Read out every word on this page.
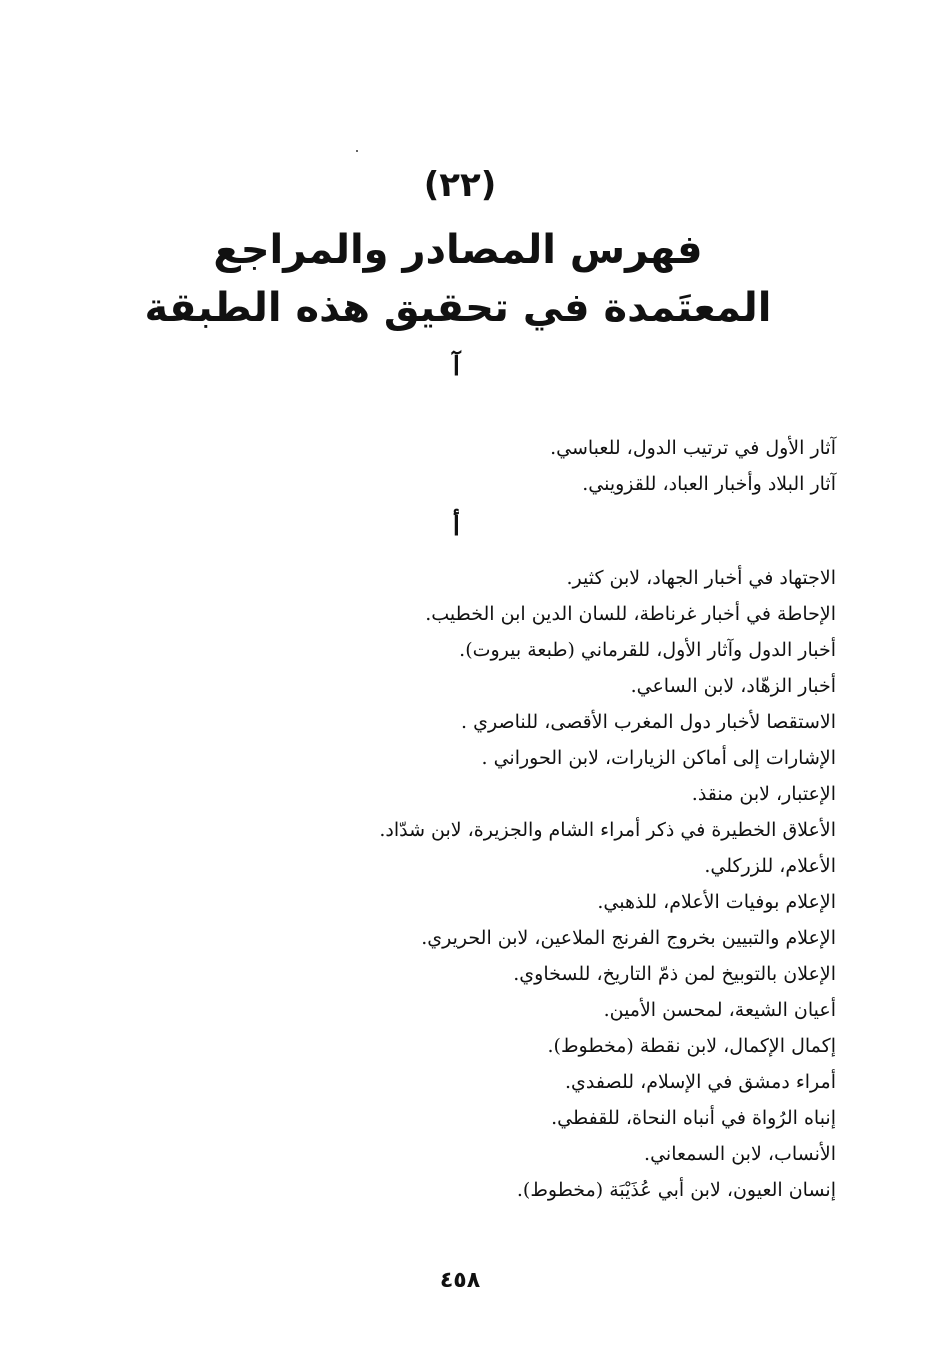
(٢٢)
فهرس المصادر والمراجع
المعتَمدة في تحقيق هذه الطبقة
آ
آثار الأول في ترتيب الدول، للعباسي.
آثار البلاد وأخبار العباد، للقزويني.
أ
الاجتهاد في أخبار الجهاد، لابن كثير.
الإحاطة في أخبار غرناطة، للسان الدين ابن الخطيب.
أخبار الدول وآثار الأول، للقرماني (طبعة بيروت).
أخبار الزهّاد، لابن الساعي.
الاستقصا لأخبار دول المغرب الأقصى، للناصري .
الإشارات إلى أماكن الزيارات، لابن الحوراني .
الإعتبار، لابن منقذ.
الأعلاق الخطيرة في ذكر أمراء الشام والجزيرة، لابن شدّاد.
الأعلام، للزركلي.
الإعلام بوفيات الأعلام، للذهبي.
الإعلام والتبيين بخروج الفرنج الملاعين، لابن الحريري.
الإعلان بالتوبيخ لمن ذمّ التاريخ، للسخاوي.
أعيان الشيعة، لمحسن الأمين.
إكمال الإكمال، لابن نقطة (مخطوط).
أمراء دمشق في الإسلام، للصفدي.
إنباه الرُواة في أنباه النحاة، للقفطي.
الأنساب، لابن السمعاني.
إنسان العيون، لابن أبي عُذَيْبَة (مخطوط).
٤٥٨
